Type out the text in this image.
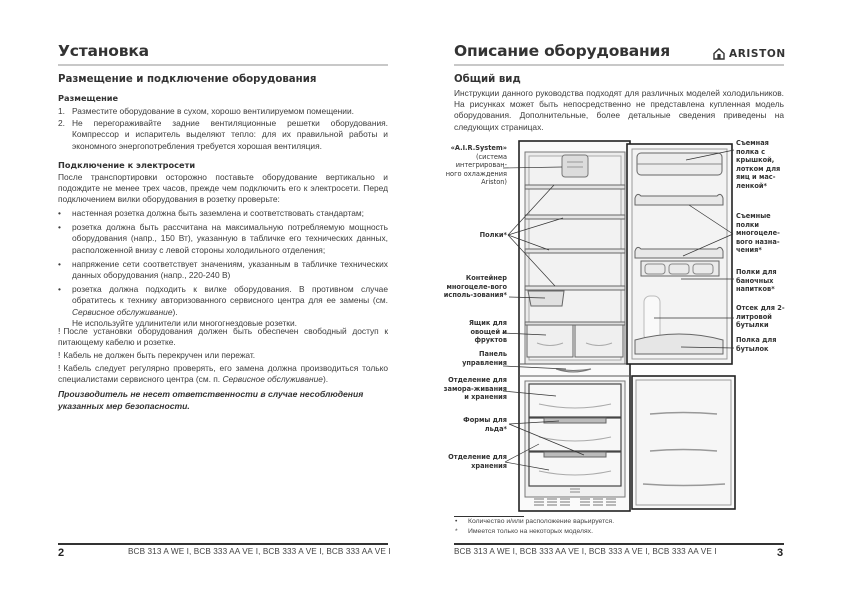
Установка
Размещение и подключение оборудования
Размещение
1. Разместите оборудование в сухом, хорошо вентилируемом помещении.
2. Не перегораживайте задние вентиляционные решетки оборудования. Компрессор и испаритель выделяют тепло: для их правильной работы и экономного энергопотребления требуется хорошая вентиляция.
Подключение к электросети
После транспортировки осторожно поставьте оборудование вертикально и подождите не менее трех часов, прежде чем подключить его к электросети. Перед подключением вилки оборудования в розетку проверьте:
• настенная розетка должна быть заземлена и соответствовать стандартам;
• розетка должна быть рассчитана на максимальную потребляемую мощность оборудования (напр., 150 Вт), указанную в табличке его технических данных, расположенной внизу с левой стороны холодильного отделения;
• напряжение сети соответствует значениям, указанным в табличке технических данных оборудования (напр., 220-240 В)
• розетка должна подходить к вилке оборудования. В противном случае обратитесь к технику авторизованного сервисного центра для ее замены (см. Сервисное обслуживание).
Не используйте удлинители или многогнездовые розетки.
! После установки оборудования должен быть обеспечен свободный доступ к питающему кабелю и розетке.
! Кабель не должен быть перекручен или пережат.
! Кабель следует регулярно проверять, его замена должна производиться только специалистами сервисного центра (см. п. Сервисное обслуживание).
Производитель не несет ответственности в случае несоблюдения указанных мер безопасности.
2	BCB 313 A WE I, BCB 333 AA VE I, BCB 333 A VE I, BCB 333 AA VE I
Описание оборудования	ARISTON
Общий вид
Инструкции данного руководства подходят для различных моделей холодильников. На рисунках может быть непосредственно не представлена купленная модель оборудования. Дополнительные, более детальные сведения приведены на следующих страницах.
«A.I.R.System»
(система интегрирован-ного охлаждения Ariston)
Полки*
Контейнер многоцеле-вого исполь-зования*
Ящик для овощей и фруктов
Панель управления
Отделение для замора-живания и хранения
Формы для льда*
Отделение для хранения
Съемная полка с крышкой, лотком для яиц и мас-ленкой*
Съемные полки многоцеле-вого назна-чения*
Полки для баночных напитков*
Отсек для 2-литровой бутылки
Полка для бутылок
• Количество и/или расположение варьируется.
* Имеется только на некоторых моделях.
BCB 313 A WE I, BCB 333 AA VE I, BCB 333 A VE I, BCB 333 AA VE I	3
